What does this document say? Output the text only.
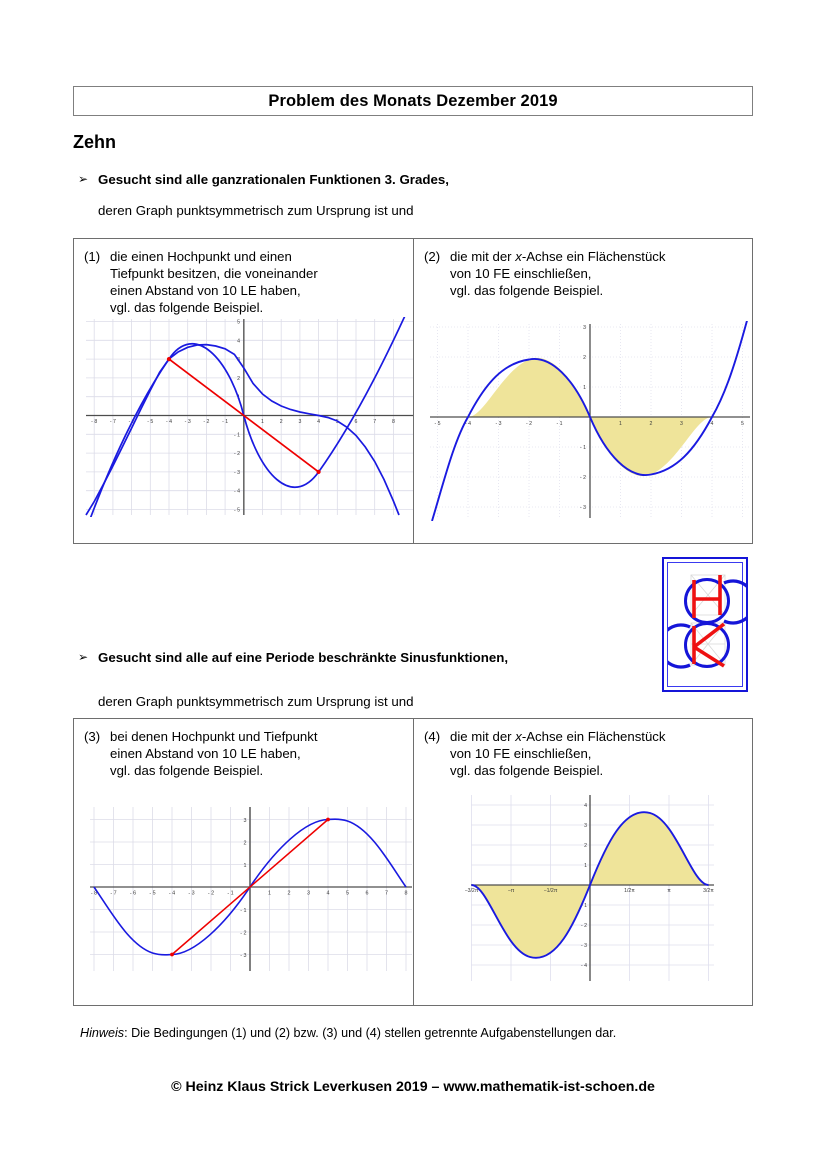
Problem des Monats Dezember 2019
Zehn
➢ Gesucht sind alle ganzrationalen Funktionen 3. Grades,
deren Graph punktsymmetrisch zum Ursprung ist und
(1) die einen Hochpunkt und einen
Tiefpunkt besitzen, die voneinander
einen Abstand von 10 LE haben,
vgl. das folgende Beispiel.
- 8 - 7 - 6 - 5 - 4 - 3 - 2 - 1	1	2	3	4	5	6	7	8
5
4
3
2
1
- 1
- 2
- 3
- 4
- 5
(2) die mit der x-Achse ein Flächenstück
von 10 FE einschließen,
vgl. das folgende Beispiel.
- 5	- 4	- 3	- 2	- 1	1	2	3	4	5
3
2
1
- 1
- 2
- 3
➢ Gesucht sind alle auf eine Periode beschränkte Sinusfunktionen,
deren Graph punktsymmetrisch zum Ursprung ist und
(3) bei denen Hochpunkt und Tiefpunkt
einen Abstand von 10 LE haben,
vgl. das folgende Beispiel.
- 8 - 7 - 6 - 5 - 4 - 3 - 2 - 1	1	2	3	4	5	6	7	8
3
2
1
- 1
- 2
- 3
(4) die mit der x-Achse ein Flächenstück
von 10 FE einschließen,
vgl. das folgende Beispiel.
−3/2π	−π	−1/2π	1/2π	π	3/2π
4
3
2
1
- 1
- 2
- 3
- 4
Hinweis: Die Bedingungen (1) und (2) bzw. (3) und (4) stellen getrennte Aufgabenstellungen dar.
© Heinz Klaus Strick Leverkusen 2019 – www.mathematik-ist-schoen.de
